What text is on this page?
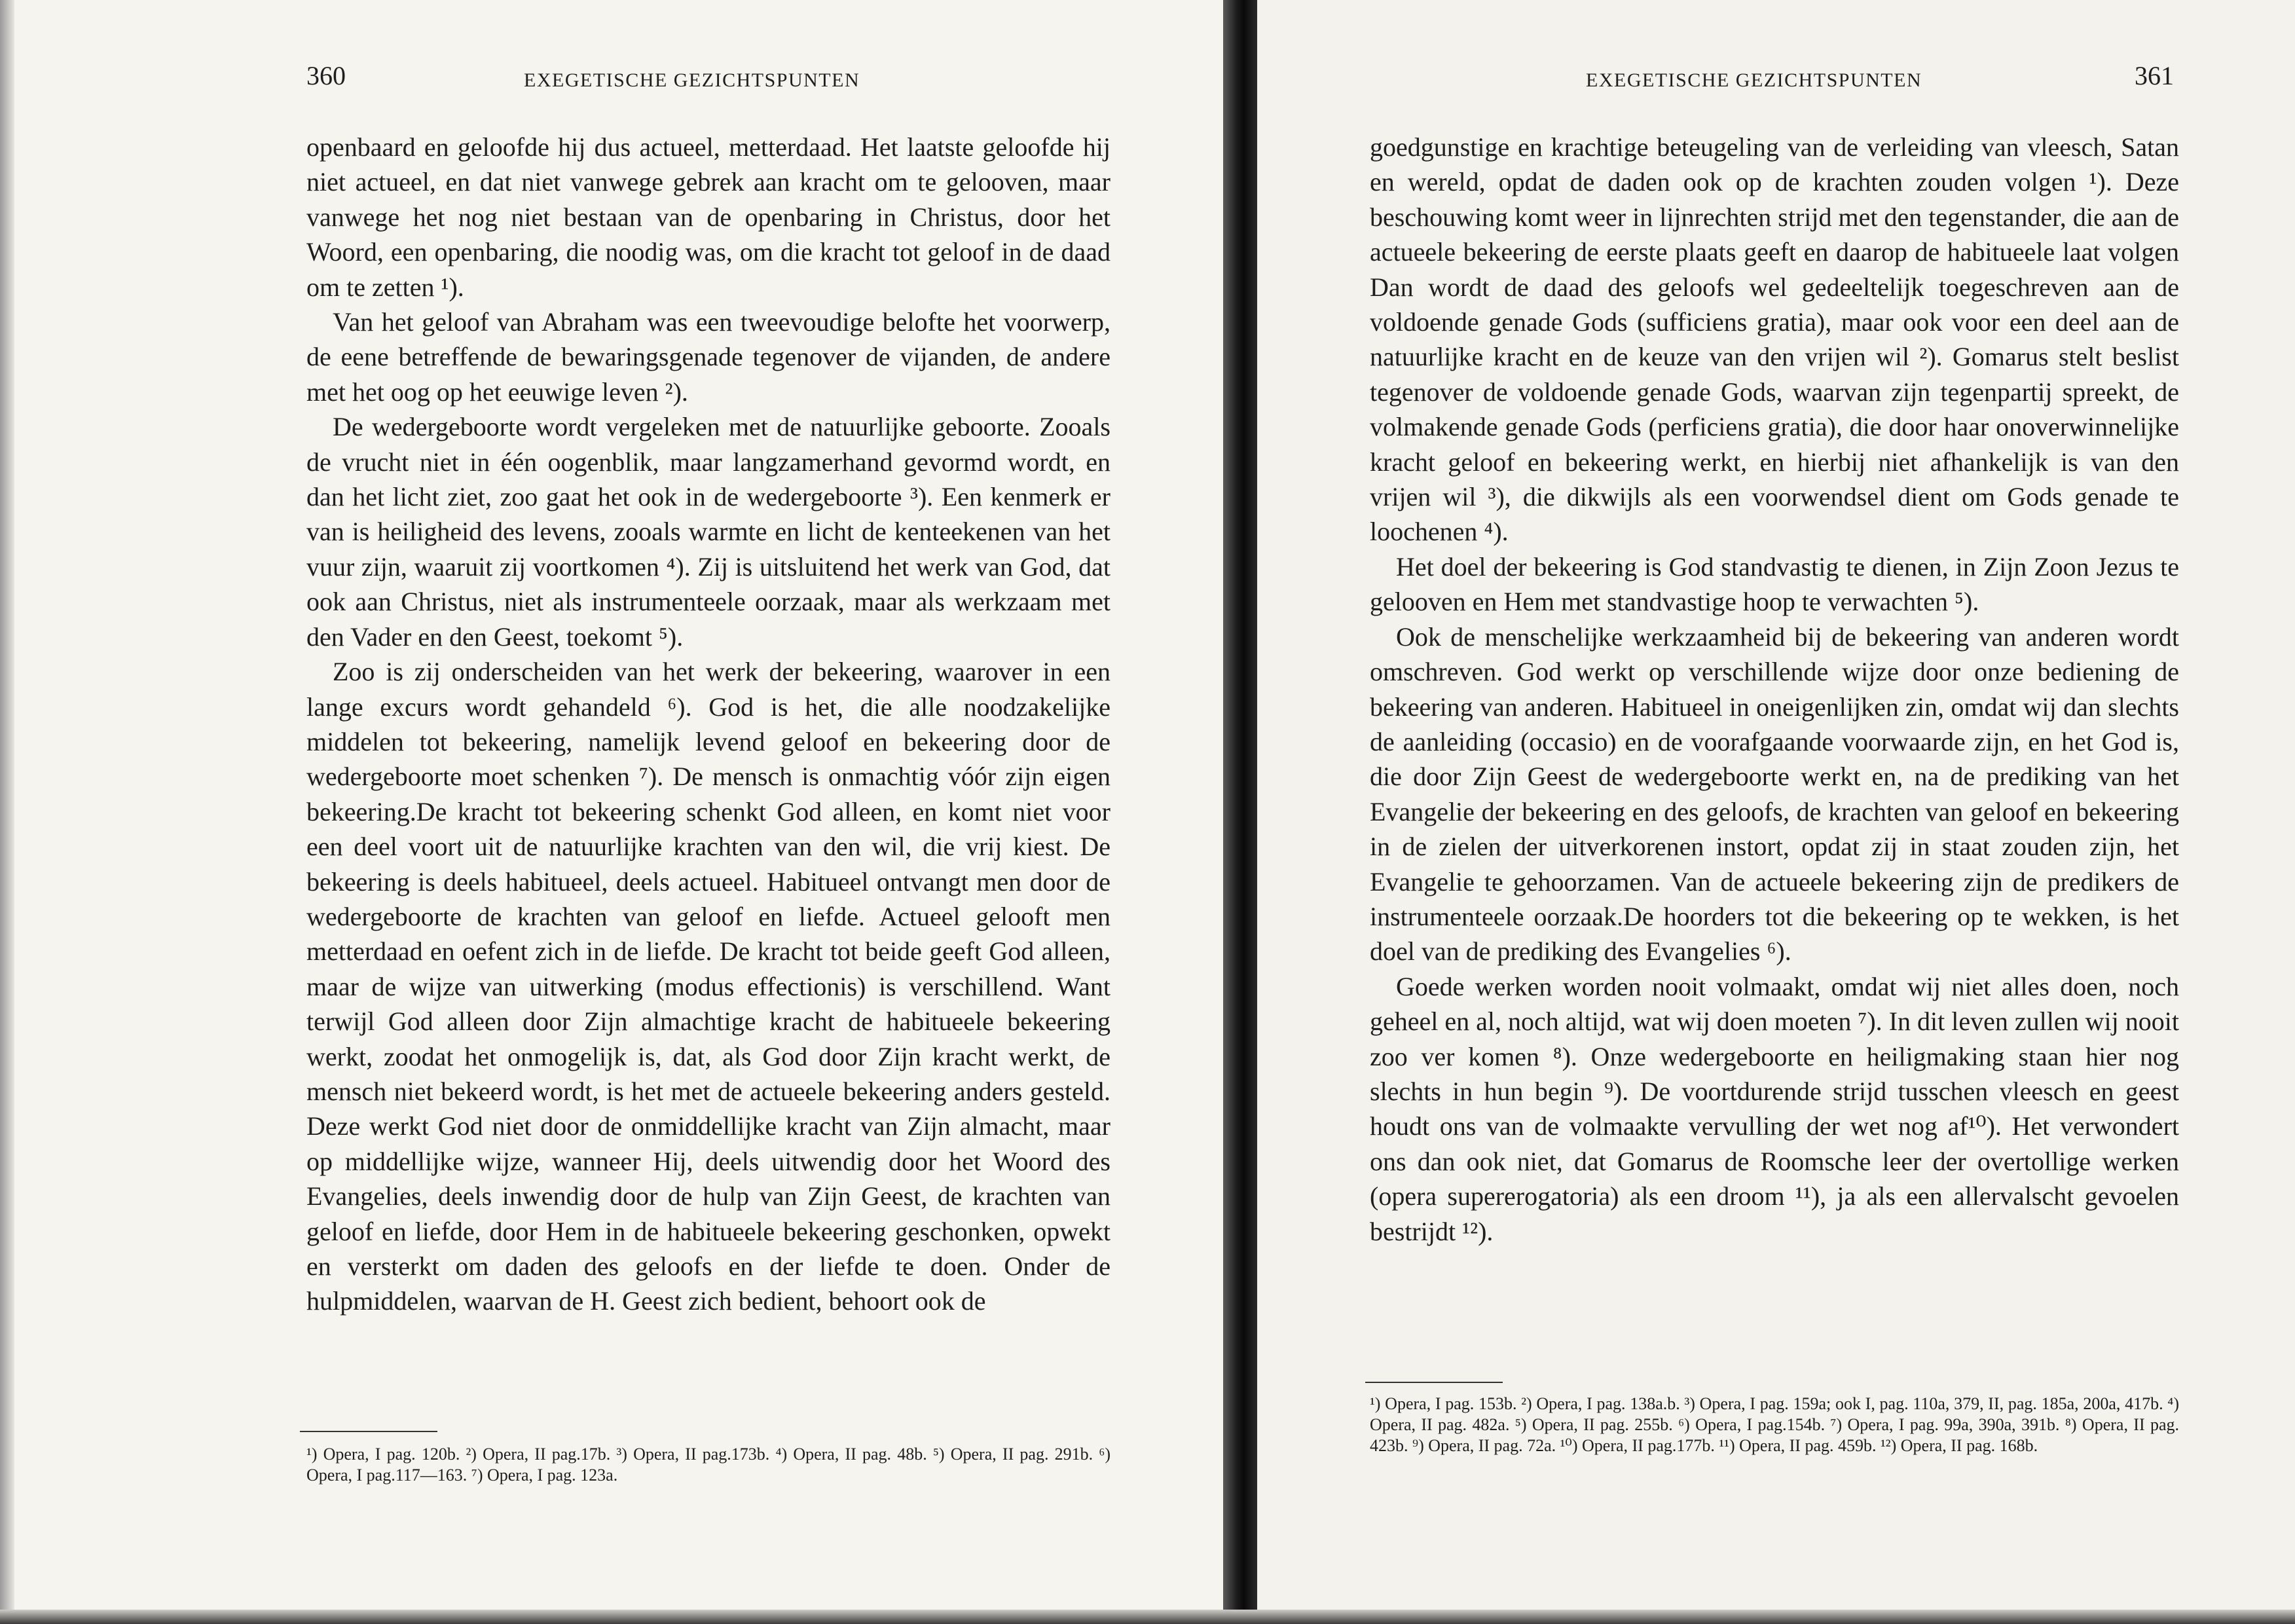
360	EXEGETISCHE GEZICHTSPUNTEN

openbaard en geloofde hij dus actueel, metterdaad. Het laatste geloofde hij niet actueel, en dat niet vanwege gebrek aan kracht om te gelooven, maar vanwege het nog niet bestaan van de openbaring in Christus, door het Woord, een openbaring, die noodig was, om die kracht tot geloof in de daad om te zetten ¹).

Van het geloof van Abraham was een tweevoudige belofte het voorwerp, de eene betreffende de bewaringsgenade tegenover de vijanden, de andere met het oog op het eeuwige leven ²).

De wedergeboorte wordt vergeleken met de natuurlijke geboorte. Zooals de vrucht niet in één oogenblik, maar langzamerhand gevormd wordt, en dan het licht ziet, zoo gaat het ook in de wedergeboorte ³). Een kenmerk er van is heiligheid des levens, zooals warmte en licht de kenteekenen van het vuur zijn, waaruit zij voortkomen ⁴). Zij is uitsluitend het werk van God, dat ook aan Christus, niet als instrumenteele oorzaak, maar als werkzaam met den Vader en den Geest, toekomt ⁵).

Zoo is zij onderscheiden van het werk der bekeering, waarover in een lange excurs wordt gehandeld ⁶). God is het, die alle noodzakelijke middelen tot bekeering, namelijk levend geloof en bekeering door de wedergeboorte moet schenken ⁷). De mensch is onmachtig vóór zijn eigen bekeering.De kracht tot bekeering schenkt God alleen, en komt niet voor een deel voort uit de natuurlijke krachten van den wil, die vrij kiest. De bekeering is deels habitueel, deels actueel. Habitueel ontvangt men door de wedergeboorte de krachten van geloof en liefde. Actueel gelooft men metterdaad en oefent zich in de liefde. De kracht tot beide geeft God alleen, maar de wijze van uitwerking (modus effectionis) is verschillend. Want terwijl God alleen door Zijn almachtige kracht de habitueele bekeering werkt, zoodat het onmogelijk is, dat, als God door Zijn kracht werkt, de mensch niet bekeerd wordt, is het met de actueele bekeering anders gesteld. Deze werkt God niet door de onmiddellijke kracht van Zijn almacht, maar op middellijke wijze, wanneer Hij, deels uitwendig door het Woord des Evangelies, deels inwendig door de hulp van Zijn Geest, de krachten van geloof en liefde, door Hem in de habitueele bekeering geschonken, opwekt en versterkt om daden des geloofs en der liefde te doen. Onder de hulpmiddelen, waarvan de H. Geest zich bedient, behoort ook de

¹) Opera, I pag. 120b. ²) Opera, II pag.17b. ³) Opera, II pag.173b. ⁴) Opera, II pag. 48b. ⁵) Opera, II pag. 291b. ⁶) Opera, I pag.117—163. ⁷) Opera, I pag. 123a.
EXEGETISCHE GEZICHTSPUNTEN	361

goedgunstige en krachtige beteugeling van de verleiding van vleesch, Satan en wereld, opdat de daden ook op de krachten zouden volgen ¹). Deze beschouwing komt weer in lijnrechten strijd met den tegenstander, die aan de actueele bekeering de eerste plaats geeft en daarop de habitueele laat volgen Dan wordt de daad des geloofs wel gedeeltelijk toegeschreven aan de voldoende genade Gods (sufficiens gratia), maar ook voor een deel aan de natuurlijke kracht en de keuze van den vrijen wil ²). Gomarus stelt beslist tegenover de voldoende genade Gods, waarvan zijn tegenpartij spreekt, de volmakende genade Gods (perficiens gratia), die door haar onoverwinnelijke kracht geloof en bekeering werkt, en hierbij niet afhankelijk is van den vrijen wil ³), die dikwijls als een voorwendsel dient om Gods genade te loochenen ⁴).

Het doel der bekeering is God standvastig te dienen, in Zijn Zoon Jezus te gelooven en Hem met standvastige hoop te verwachten ⁵).

Ook de menschelijke werkzaamheid bij de bekeering van anderen wordt omschreven. God werkt op verschillende wijze door onze bediening de bekeering van anderen. Habitueel in oneigenlijken zin, omdat wij dan slechts de aanleiding (occasio) en de voorafgaande voorwaarde zijn, en het God is, die door Zijn Geest de wedergeboorte werkt en, na de prediking van het Evangelie der bekeering en des geloofs, de krachten van geloof en bekeering in de zielen der uitverkorenen instort, opdat zij in staat zouden zijn, het Evangelie te gehoorzamen. Van de actueele bekeering zijn de predikers de instrumenteele oorzaak.De hoorders tot die bekeering op te wekken, is het doel van de prediking des Evangelies ⁶).

Goede werken worden nooit volmaakt, omdat wij niet alles doen, noch geheel en al, noch altijd, wat wij doen moeten ⁷). In dit leven zullen wij nooit zoo ver komen ⁸). Onze wedergeboorte en heiligmaking staan hier nog slechts in hun begin ⁹). De voortdurende strijd tusschen vleesch en geest houdt ons van de volmaakte vervulling der wet nog af¹⁰). Het verwondert ons dan ook niet, dat Gomarus de Roomsche leer der overtollige werken (opera supererogatoria) als een droom ¹¹), ja als een allervalscht gevoelen bestrijdt ¹²).

¹) Opera, I pag. 153b. ²) Opera, I pag. 138a.b. ³) Opera, I pag. 159a; ook I, pag. 110a, 379, II, pag. 185a, 200a, 417b. ⁴) Opera, II pag. 482a. ⁵) Opera, II pag. 255b. ⁶) Opera, I pag.154b. ⁷) Opera, I pag. 99a, 390a, 391b. ⁸) Opera, II pag. 423b. ⁹) Opera, II pag. 72a. ¹⁰) Opera, II pag.177b. ¹¹) Opera, II pag. 459b. ¹²) Opera, II pag. 168b.
